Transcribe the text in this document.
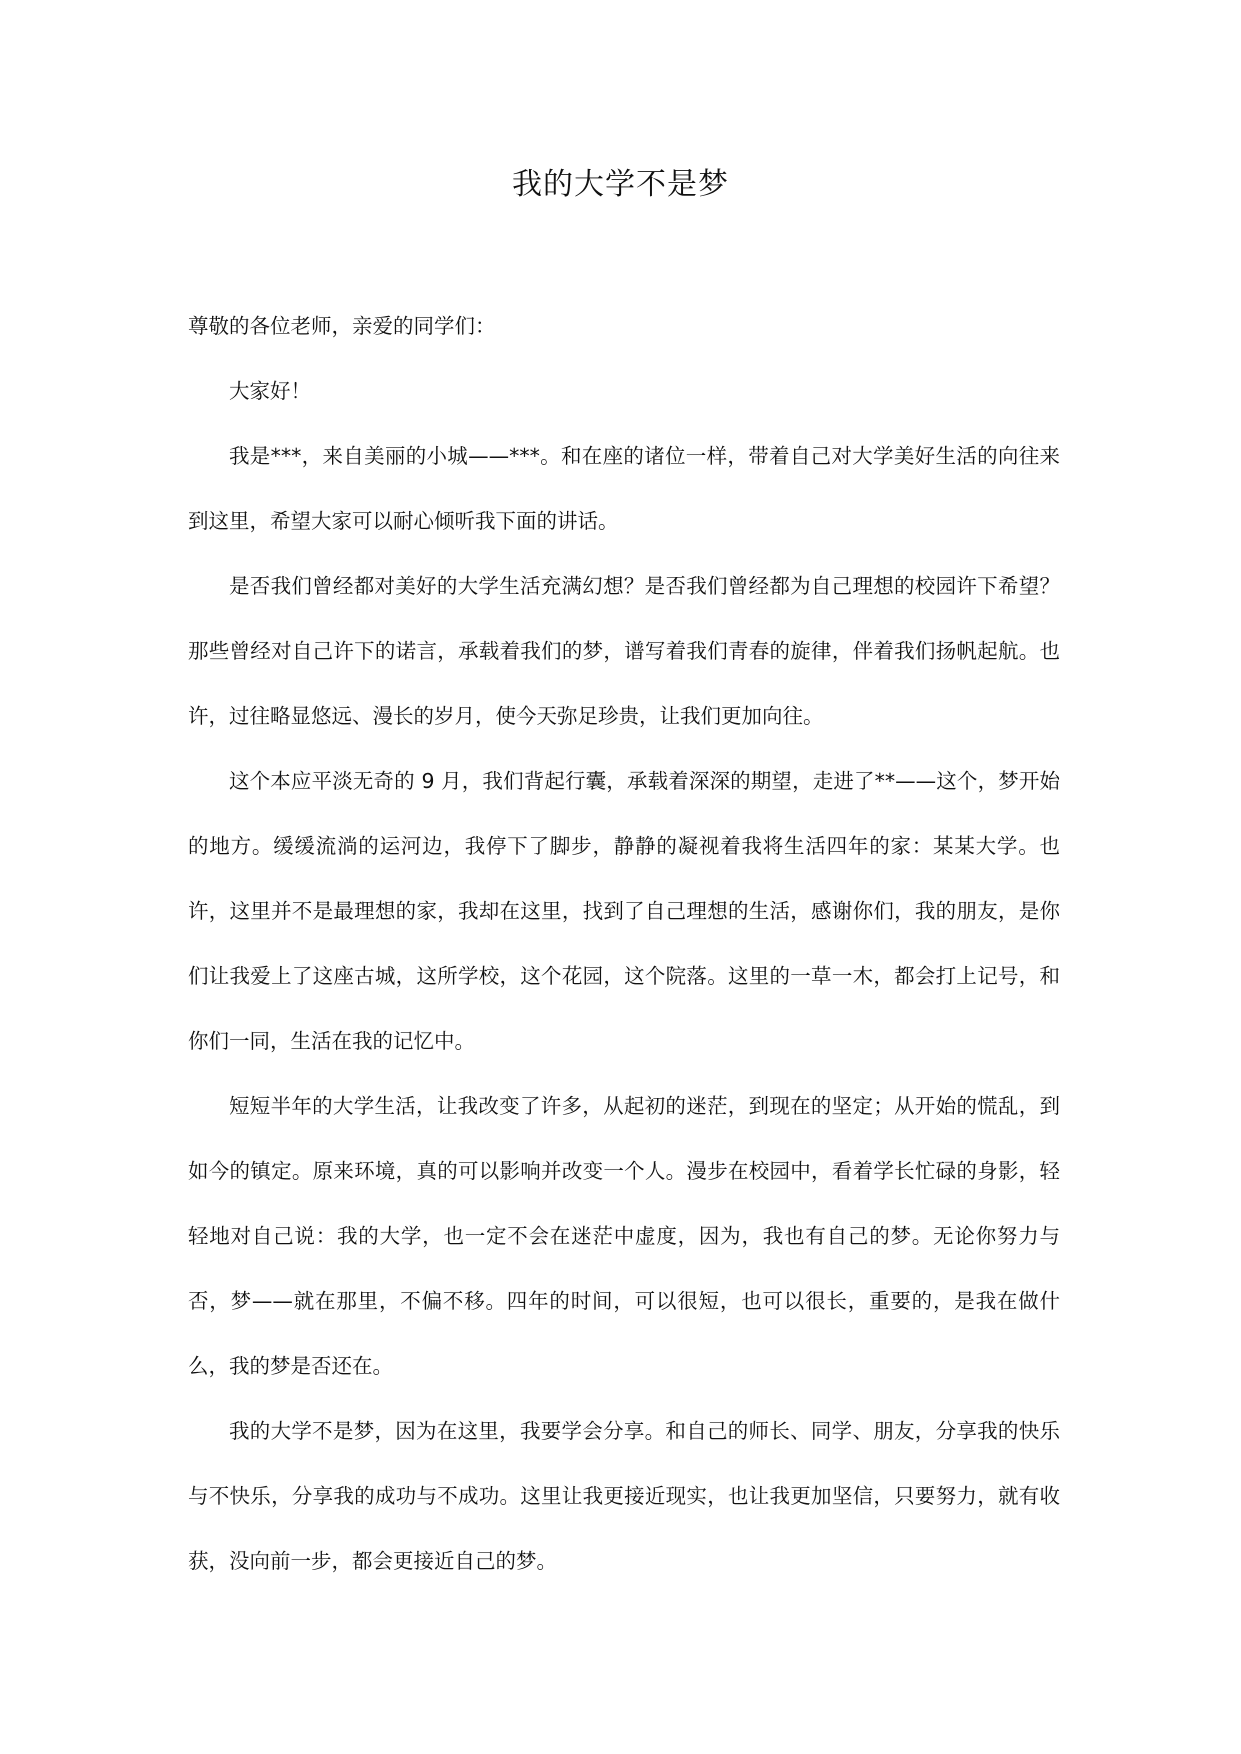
我的大学不是梦

尊敬的各位老师，亲爱的同学们：

大家好！

我是***，来自美丽的小城——***。和在座的诸位一样，带着自己对大学美好生活的向往来到这里，希望大家可以耐心倾听我下面的讲话。

是否我们曾经都对美好的大学生活充满幻想？是否我们曾经都为自己理想的校园许下希望？那些曾经对自己许下的诺言，承载着我们的梦，谱写着我们青春的旋律，伴着我们扬帆起航。也许，过往略显悠远、漫长的岁月，使今天弥足珍贵，让我们更加向往。

这个本应平淡无奇的 9 月，我们背起行囊，承载着深深的期望，走进了**——这个，梦开始的地方。缓缓流淌的运河边，我停下了脚步，静静的凝视着我将生活四年的家：某某大学。也许，这里并不是最理想的家，我却在这里，找到了自己理想的生活，感谢你们，我的朋友，是你们让我爱上了这座古城，这所学校，这个花园，这个院落。这里的一草一木，都会打上记号，和你们一同，生活在我的记忆中。

短短半年的大学生活，让我改变了许多，从起初的迷茫，到现在的坚定；从开始的慌乱，到如今的镇定。原来环境，真的可以影响并改变一个人。漫步在校园中，看着学长忙碌的身影，轻轻地对自己说：我的大学，也一定不会在迷茫中虚度，因为，我也有自己的梦。无论你努力与否，梦——就在那里，不偏不移。四年的时间，可以很短，也可以很长，重要的，是我在做什么，我的梦是否还在。

我的大学不是梦，因为在这里，我要学会分享。和自己的师长、同学、朋友，分享我的快乐与不快乐，分享我的成功与不成功。这里让我更接近现实，也让我更加坚信，只要努力，就有收获，没向前一步，都会更接近自己的梦。
